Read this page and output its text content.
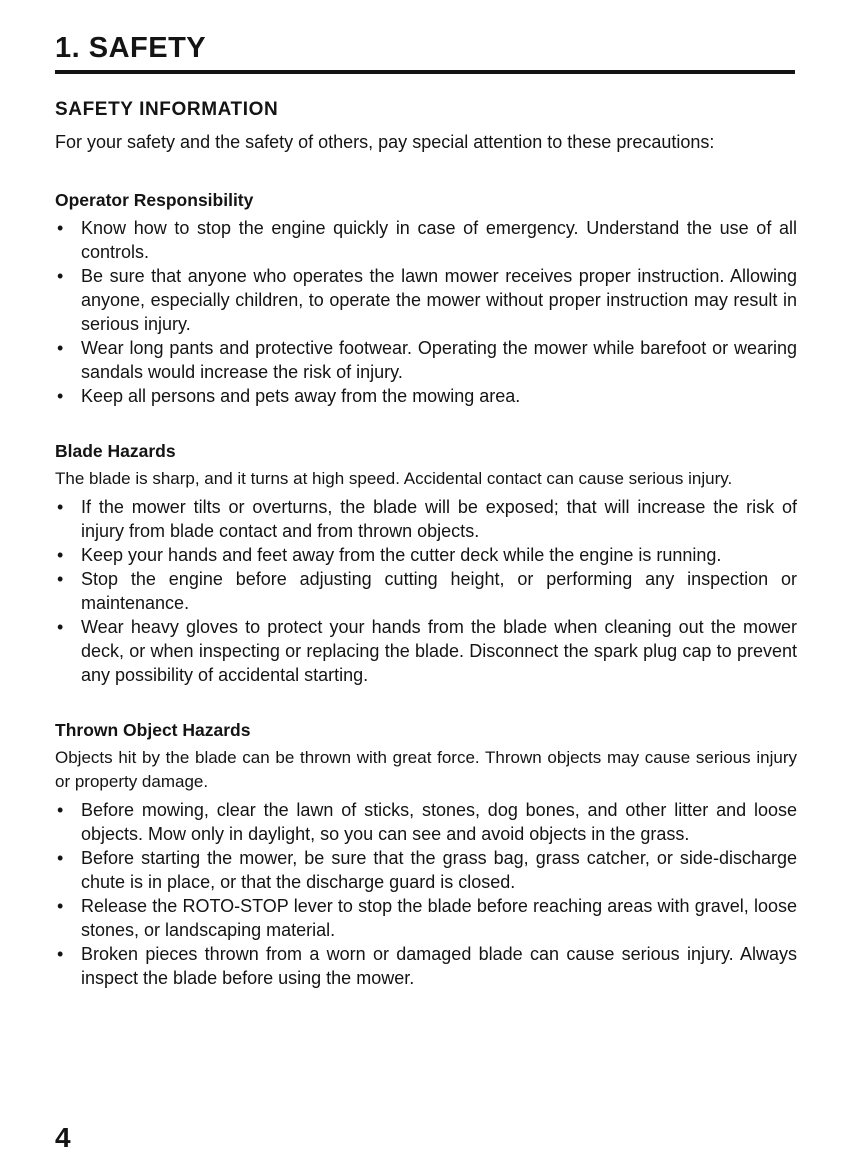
1. SAFETY
SAFETY INFORMATION

For your safety and the safety of others, pay special attention to these precautions:

Operator Responsibility
• Know how to stop the engine quickly in case of emergency. Understand the use of all controls.
• Be sure that anyone who operates the lawn mower receives proper instruction. Allowing anyone, especially children, to operate the mower without proper instruction may result in serious injury.
• Wear long pants and protective footwear. Operating the mower while barefoot or wearing sandals would increase the risk of injury.
• Keep all persons and pets away from the mowing area.
Blade Hazards

The blade is sharp, and it turns at high speed. Accidental contact can cause serious injury.

• If the mower tilts or overturns, the blade will be exposed; that will increase the risk of injury from blade contact and from thrown objects.
• Keep your hands and feet away from the cutter deck while the engine is running.
• Stop the engine before adjusting cutting height, or performing any inspection or maintenance.
• Wear heavy gloves to protect your hands from the blade when cleaning out the mower deck, or when inspecting or replacing the blade. Disconnect the spark plug cap to prevent any possibility of accidental starting.
Thrown Object Hazards

Objects hit by the blade can be thrown with great force. Thrown objects may cause serious injury or property damage.

• Before mowing, clear the lawn of sticks, stones, dog bones, and other litter and loose objects. Mow only in daylight, so you can see and avoid objects in the grass.
• Before starting the mower, be sure that the grass bag, grass catcher, or side-discharge chute is in place, or that the discharge guard is closed.
• Release the ROTO-STOP lever to stop the blade before reaching areas with gravel, loose stones, or landscaping material.
• Broken pieces thrown from a worn or damaged blade can cause serious injury. Always inspect the blade before using the mower.

4
